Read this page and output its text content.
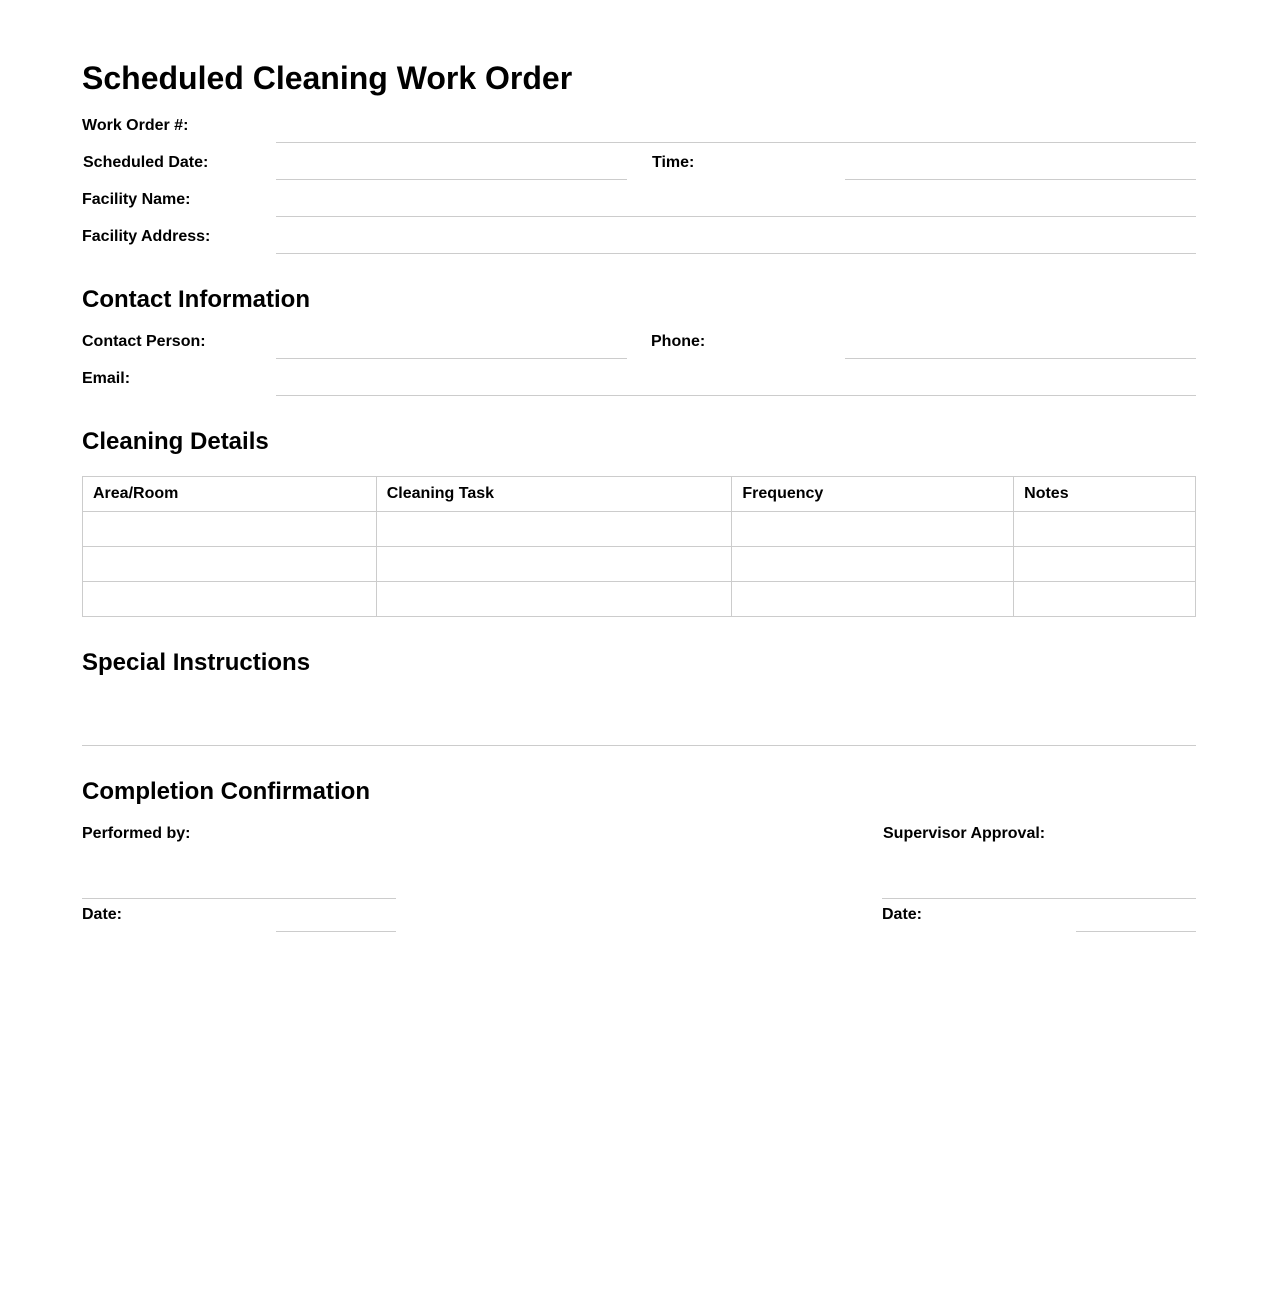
Scheduled Cleaning Work Order
Work Order #:
Scheduled Date:	Time:
Facility Name:
Facility Address:
Contact Information
Contact Person:	Phone:
Email:
Cleaning Details
Area/Room	Cleaning Task	Frequency	Notes

Special Instructions
Completion Confirmation
Performed by:
Date:
Supervisor Approval:
Date:
